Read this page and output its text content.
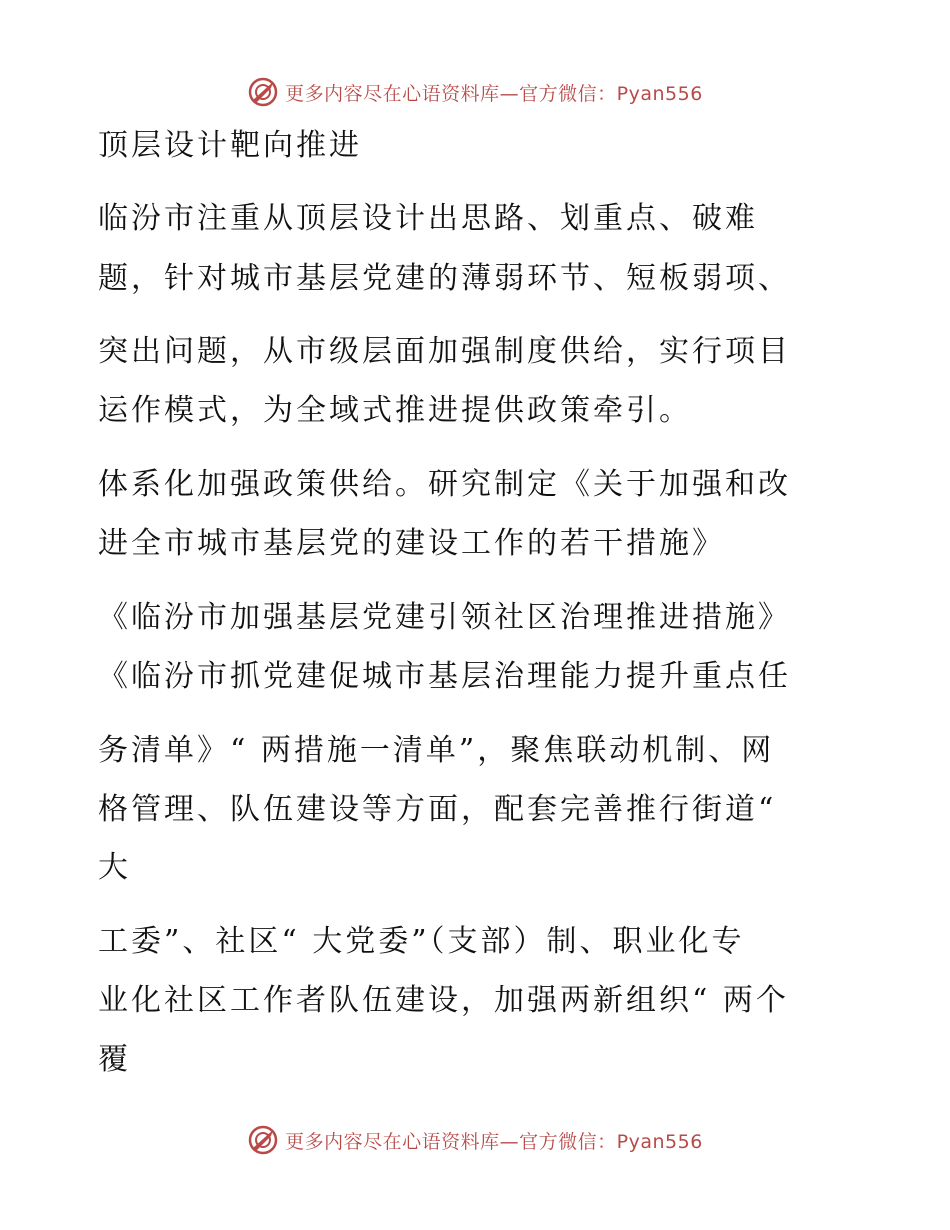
更多内容尽在心语资料库—官方微信：Pyan556
顶层设计靶向推进
临汾市注重从顶层设计出思路、划重点、破难
题，针对城市基层党建的薄弱环节、短板弱项、
突出问题，从市级层面加强制度供给，实行项目
运作模式，为全域式推进提供政策牵引。
体系化加强政策供给。研究制定《关于加强和改
进全市城市基层党的建设工作的若干措施》
《临汾市加强基层党建引领社区治理推进措施》
《临汾市抓党建促城市基层治理能力提升重点任
务清单》“ 两措施一清单”，聚焦联动机制、网
格管理、队伍建设等方面，配套完善推行街道“
大
工委”、社区“ 大党委”（支部）制、职业化专
业化社区工作者队伍建设，加强两新组织“ 两个
覆
更多内容尽在心语资料库—官方微信：Pyan556
